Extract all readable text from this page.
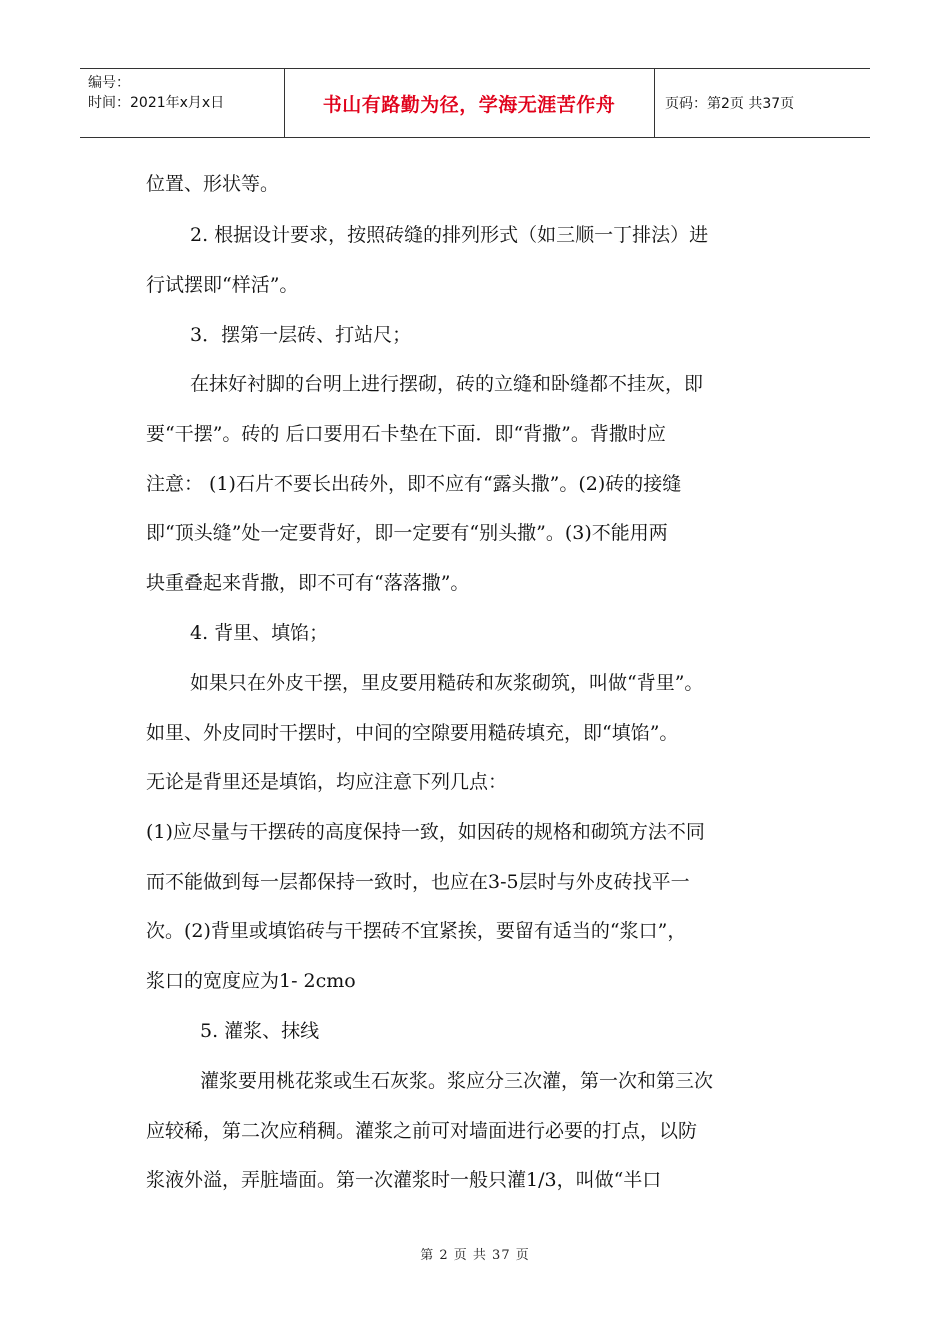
编号：
时间：2021年x月x日	书山有路勤为径，学海无涯苦作舟	页码：第2页 共37页
位置、形状等。
2. 根据设计要求，按照砖缝的排列形式（如三顺一丁排法）进
行试摆即“样活”。
3．摆第一层砖、打站尺；
在抹好衬脚的台明上进行摆砌，砖的立缝和卧缝都不挂灰，即
要“干摆”。砖的 后口要用石卡垫在下面．即“背撒”。背撒时应
注意： (1)石片不要长出砖外，即不应有“露头撒”。(2)砖的接缝
即“顶头缝”处一定要背好，即一定要有“别头撒”。(3)不能用两
块重叠起来背撒，即不可有“落落撒”。
4. 背里、填馅；
如果只在外皮干摆，里皮要用糙砖和灰浆砌筑，叫做“背里”。
如里、外皮同时干摆时，中间的空隙要用糙砖填充，即“填馅”。
无论是背里还是填馅，均应注意下列几点：
(1)应尽量与干摆砖的高度保持一致，如因砖的规格和砌筑方法不同
而不能做到每一层都保持一致时，也应在3-5层时与外皮砖找平一
次。(2)背里或填馅砖与干摆砖不宜紧挨，要留有适当的“浆口”，
浆口的宽度应为1- 2cmo
5. 灌浆、抹线
灌浆要用桃花浆或生石灰浆。浆应分三次灌，第一次和第三次
应较稀，第二次应稍稠。灌浆之前可对墙面进行必要的打点，以防
浆液外溢，弄脏墙面。第一次灌浆时一般只灌1/3，叫做“半口
第 2 页 共 37 页
